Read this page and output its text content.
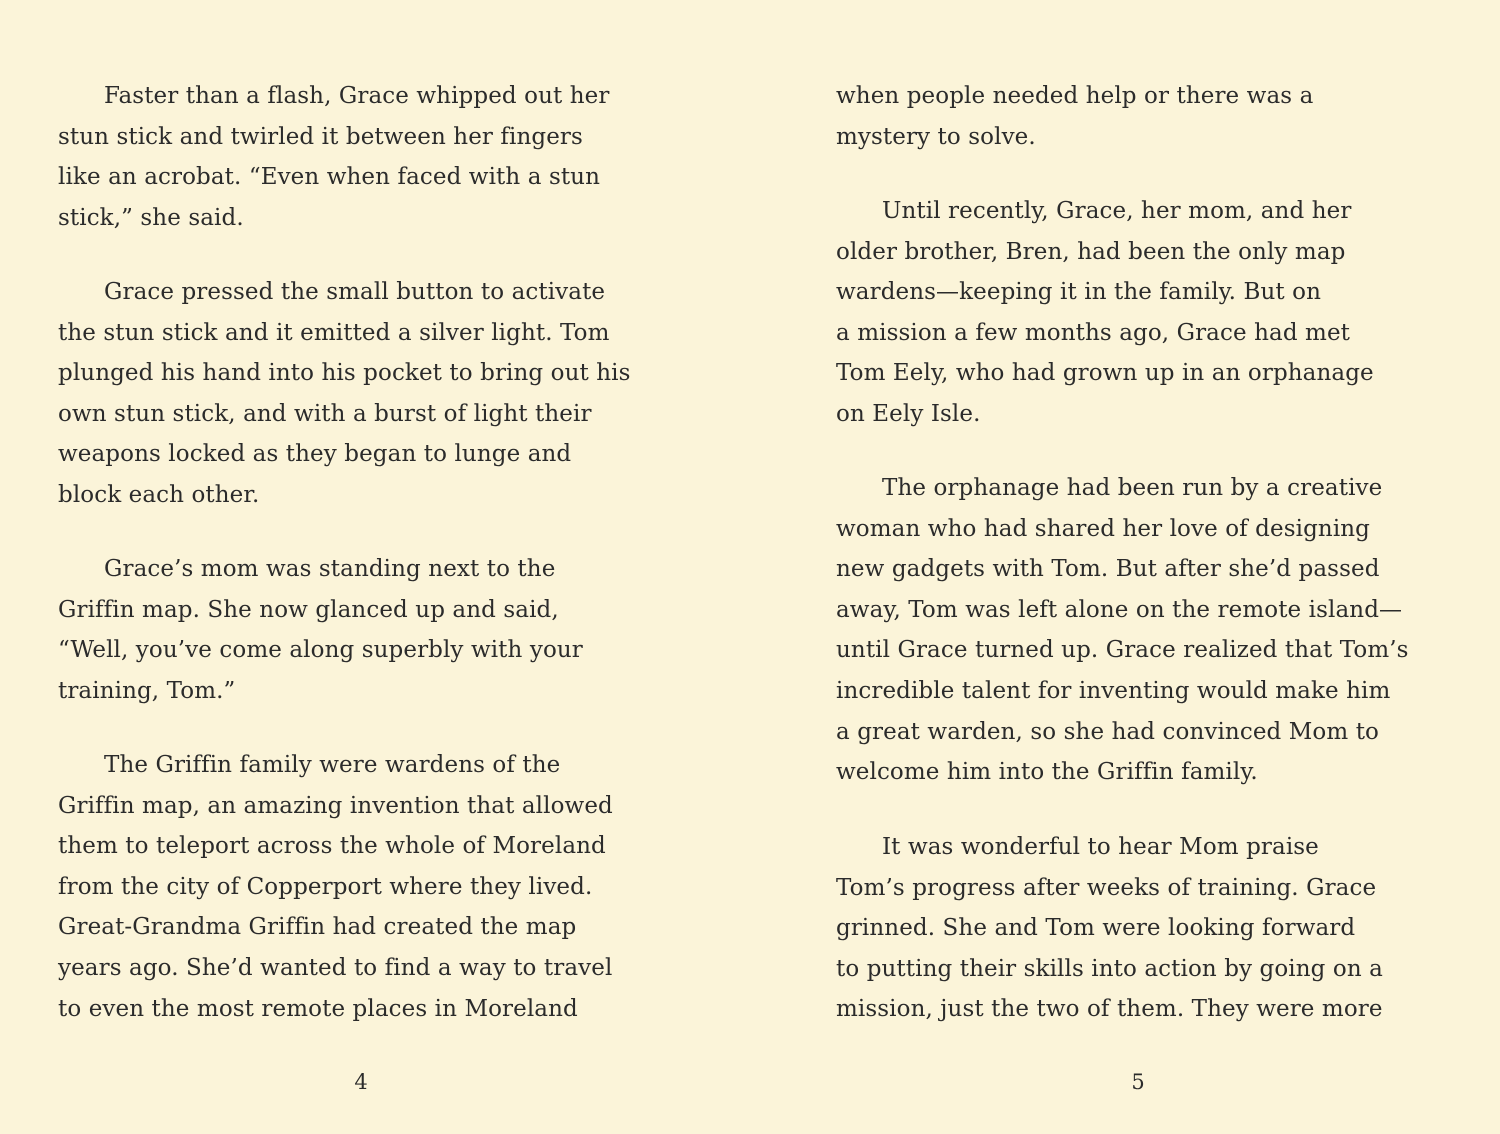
Faster than a flash, Grace whipped out her
stun stick and twirled it between her fingers
like an acrobat. “Even when faced with a stun
stick,” she said.
Grace pressed the small button to activate
the stun stick and it emitted a silver light. Tom
plunged his hand into his pocket to bring out his
own stun stick, and with a burst of light their
weapons locked as they began to lunge and
block each other.
Grace’s mom was standing next to the
Griffin map. She now glanced up and said,
“Well, you’ve come along superbly with your
training, Tom.”
The Griffin family were wardens of the
Griffin map, an amazing invention that allowed
them to teleport across the whole of Moreland
from the city of Copperport where they lived.
Great-Grandma Griffin had created the map
years ago. She’d wanted to find a way to travel
to even the most remote places in Moreland
4
when people needed help or there was a
mystery to solve.
Until recently, Grace, her mom, and her
older brother, Bren, had been the only map
wardens—keeping it in the family. But on
a mission a few months ago, Grace had met
Tom Eely, who had grown up in an orphanage
on Eely Isle.
The orphanage had been run by a creative
woman who had shared her love of designing
new gadgets with Tom. But after she’d passed
away, Tom was left alone on the remote island—
until Grace turned up. Grace realized that Tom’s
incredible talent for inventing would make him
a great warden, so she had convinced Mom to
welcome him into the Griffin family.
It was wonderful to hear Mom praise
Tom’s progress after weeks of training. Grace
grinned. She and Tom were looking forward
to putting their skills into action by going on a
mission, just the two of them. They were more
5
